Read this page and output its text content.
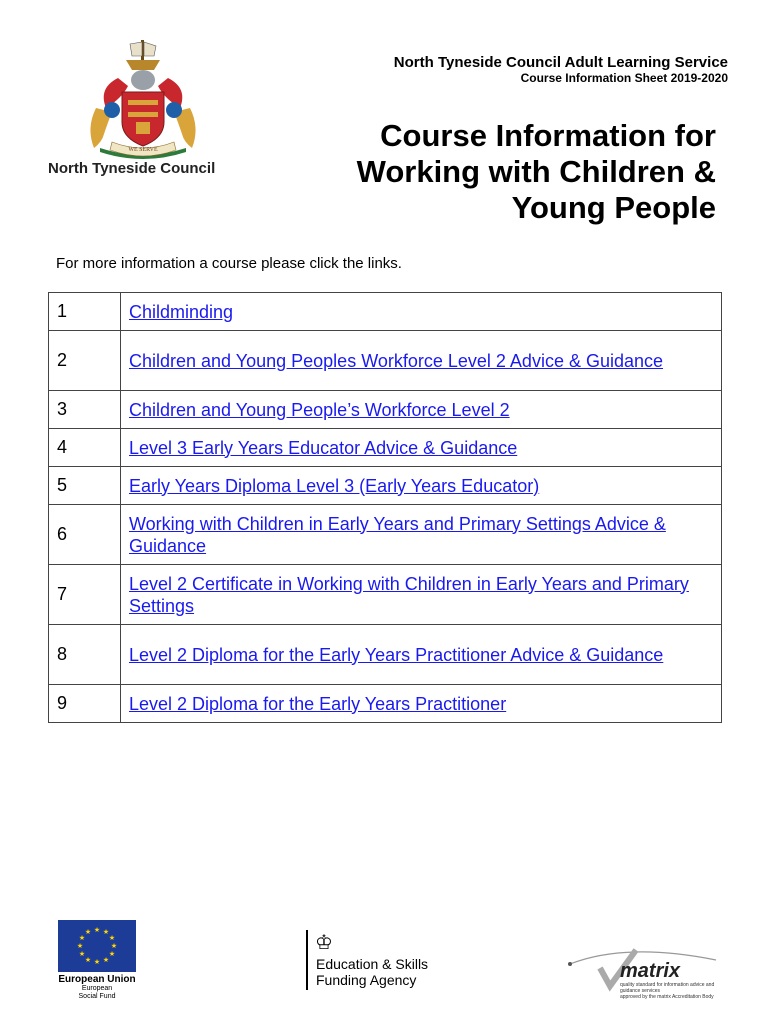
WE SERVE
North Tyneside Council
North Tyneside Council Adult Learning Service
Course Information Sheet 2019-2020
Course Information for
Working with Children &
Young People
For more information a course please click the links.
1	Childminding
2	Children and Young Peoples Workforce Level 2 Advice & Guidance
3	Children and Young People’s Workforce Level 2
4	Level 3 Early Years Educator Advice & Guidance
5	Early Years Diploma Level 3 (Early Years Educator)
6	Working with Children in Early Years and Primary Settings Advice & Guidance
7	Level 2 Certificate in Working with Children in Early Years and Primary Settings
8	Level 2 Diploma for the Early Years Practitioner Advice & Guidance
9	Level 2 Diploma for the Early Years Practitioner
★ ★
★
★
★
★
★
★
★
★
★
★
European Union
European
Social Fund
♔
Education & Skills
Funding Agency	matrix
quality standard for information advice and guidance services
approved by the matrix Accreditation Body
